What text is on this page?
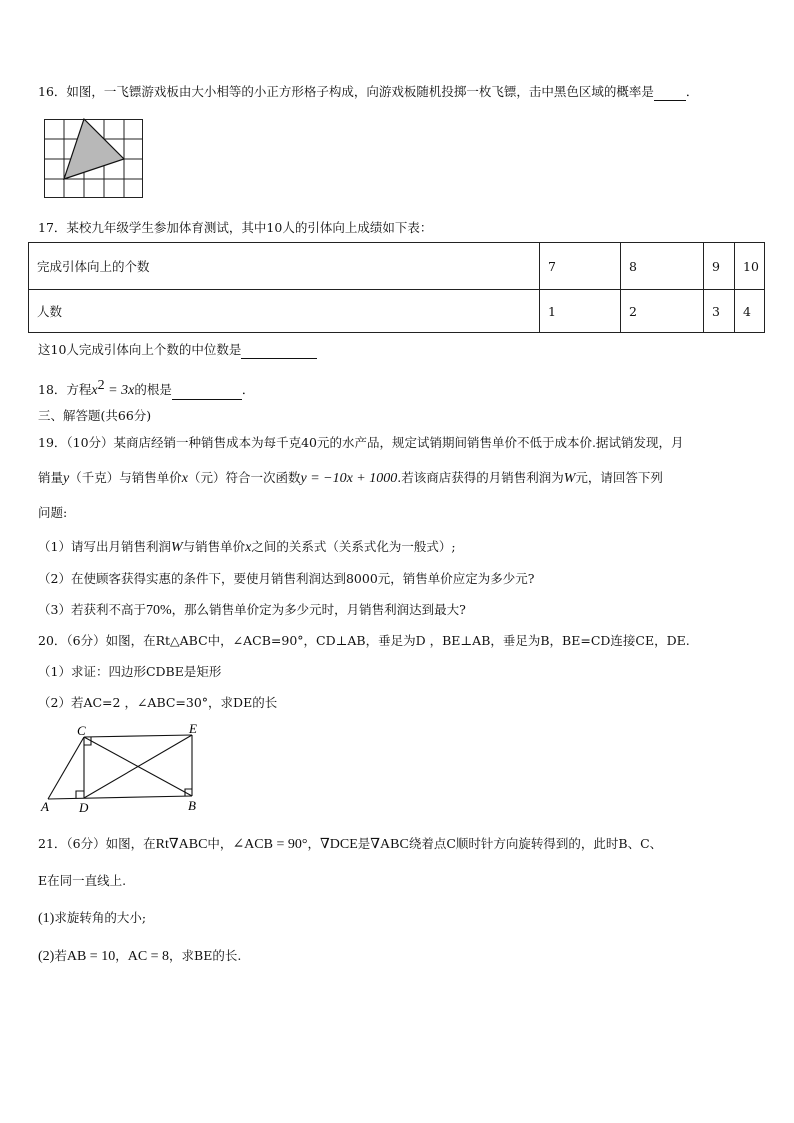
16．如图，一飞镖游戏板由大小相等的小正方形格子构成，向游戏板随机投掷一枚飞镖，击中黑色区域的概率是	．
17．某校九年级学生参加体育测试，其中10人的引体向上成绩如下表：
完成引体向上的个数	7	8	9	10
人数	1	2	3	4
这10人完成引体向上个数的中位数是
18．方程$x^2 = 3x$的根是	．
三、解答题(共66分)
19．（10分）某商店经销一种销售成本为每千克40元的水产品，规定试销期间销售单价不低于成本价.据试销发现，月
销量y（千克）与销售单价x（元）符合一次函数y = −10x + 1000.若该商店获得的月销售利润为W元，请回答下列
问题:
（1）请写出月销售利润W与销售单价x之间的关系式（关系式化为一般式）;
（2）在使顾客获得实惠的条件下，要使月销售利润达到8000元，销售单价应定为多少元?
（3）若获利不高于70%，那么销售单价定为多少元时，月销售利润达到最大?
20．（6分）如图，在Rt△ABC中，∠ACB=90°，CD⊥AB，垂足为D ，BE⊥AB，垂足为B，BE=CD连接CE，DE.
（1）求证：四边形CDBE是矩形
（2）若AC=2 ，∠ABC=30°，求DE的长
C	E
A D	B
21．（6分）如图，在Rt∇ABC中，∠ACB = 90°，∇DCE是∇ABC绕着点C顺时针方向旋转得到的，此时B、C、
E在同一直线上.
(1)求旋转角的大小;
(2)若AB = 10，AC = 8，求BE的长.
